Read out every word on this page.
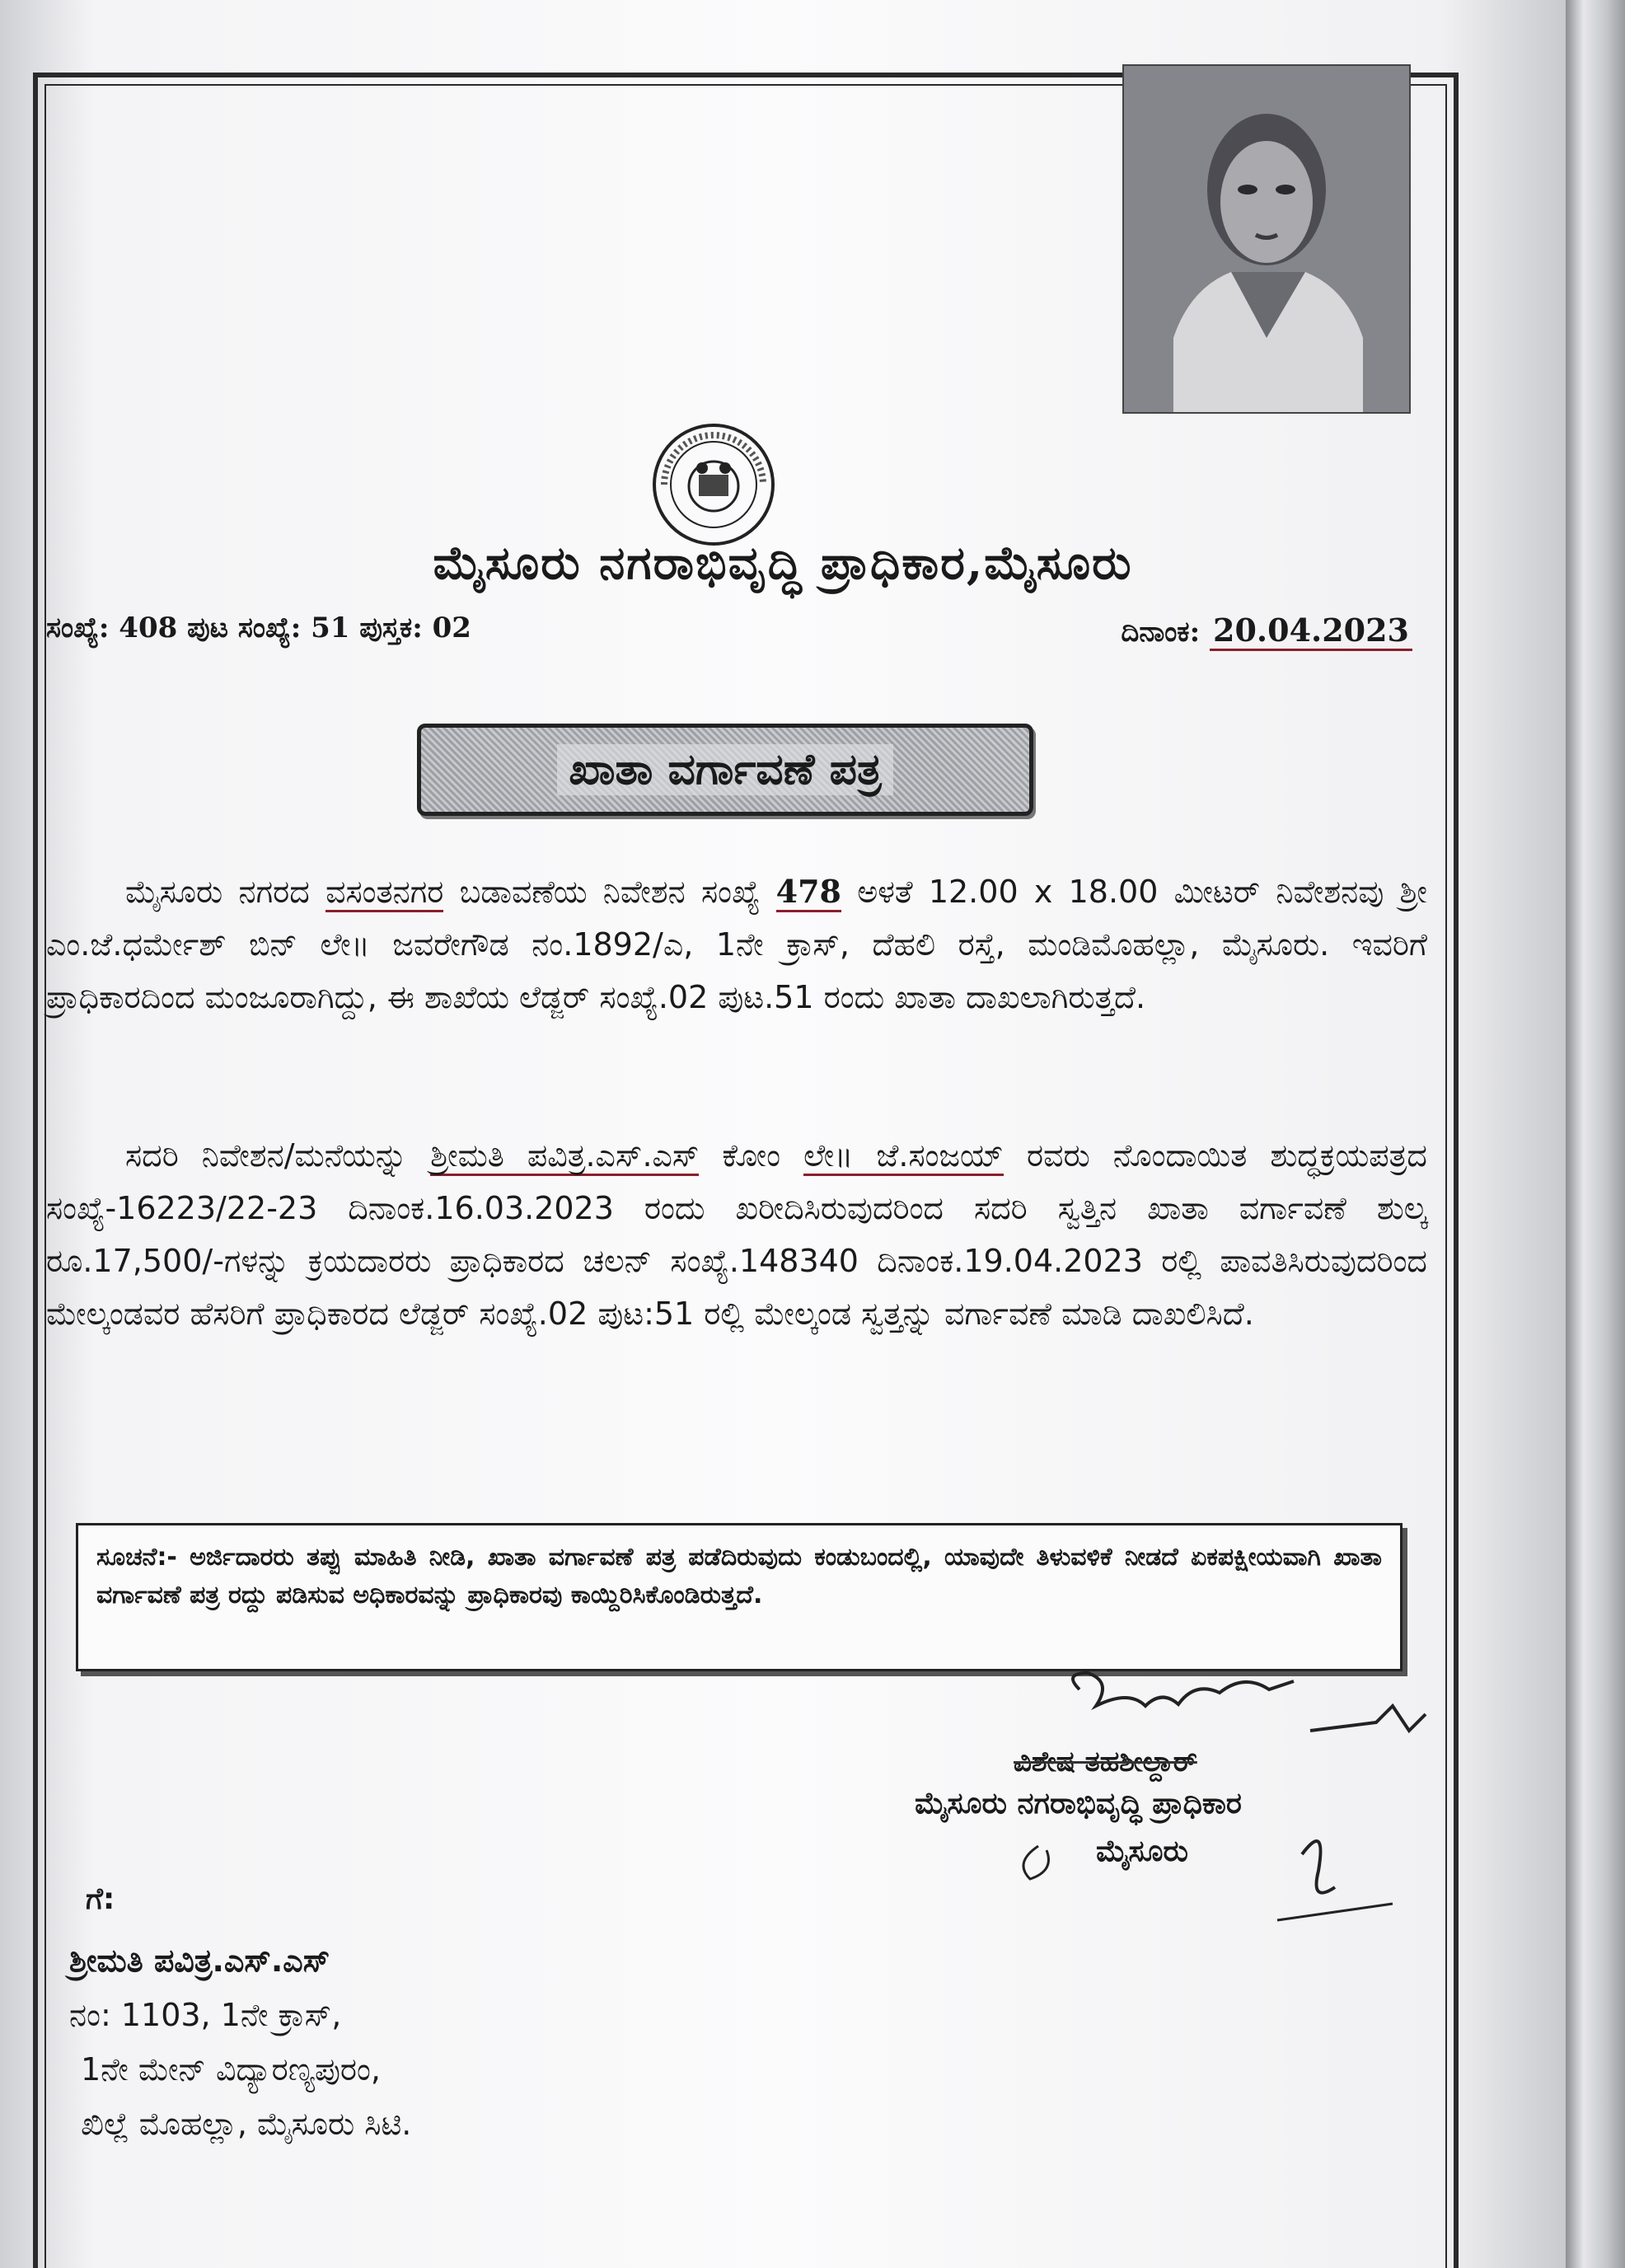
ಮೈಸೂರು ನಗರಾಭಿವೃದ್ಧಿ ಪ್ರಾಧಿಕಾರ,ಮೈಸೂರು
ಸಂಖ್ಯೆ: 408 ಪುಟ ಸಂಖ್ಯೆ: 51 ಪುಸ್ತಕ: 02	ದಿನಾಂಕ: 20.04.2023
ಖಾತಾ ವರ್ಗಾವಣೆ ಪತ್ರ
ಮೈಸೂರು ನಗರದ ವಸಂತನಗರ ಬಡಾವಣೆಯ ನಿವೇಶನ ಸಂಖ್ಯೆ 478 ಅಳತೆ 12.00 x 18.00 ಮೀಟರ್ ನಿವೇಶನವು ಶ್ರೀ ಎಂ.ಜೆ.ಧರ್ಮೇಶ್ ಬಿನ್ ಲೇ॥ ಜವರೇಗೌಡ ನಂ.1892/ಎ, 1ನೇ ಕ್ರಾಸ್, ದೆಹಲಿ ರಸ್ತೆ, ಮಂಡಿಮೊಹಲ್ಲಾ, ಮೈಸೂರು. ಇವರಿಗೆ ಪ್ರಾಧಿಕಾರದಿಂದ ಮಂಜೂರಾಗಿದ್ದು, ಈ ಶಾಖೆಯ ಲೆಡ್ಜರ್ ಸಂಖ್ಯೆ.02 ಪುಟ.51 ರಂದು ಖಾತಾ ದಾಖಲಾಗಿರುತ್ತದೆ.
ಸದರಿ ನಿವೇಶನ/ಮನೆಯನ್ನು ಶ್ರೀಮತಿ ಪವಿತ್ರ.ಎಸ್.ಎಸ್ ಕೋಂ ಲೇ॥ ಜೆ.ಸಂಜಯ್ ರವರು ನೊಂದಾಯಿತ ಶುದ್ಧಕ್ರಯಪತ್ರದ ಸಂಖ್ಯೆ-16223/22-23 ದಿನಾಂಕ.16.03.2023 ರಂದು ಖರೀದಿಸಿರುವುದರಿಂದ ಸದರಿ ಸ್ವತ್ತಿನ ಖಾತಾ ವರ್ಗಾವಣೆ ಶುಲ್ಕ ರೂ.17,500/-ಗಳನ್ನು ಕ್ರಯದಾರರು ಪ್ರಾಧಿಕಾರದ ಚಲನ್ ಸಂಖ್ಯೆ.148340 ದಿನಾಂಕ.19.04.2023 ರಲ್ಲಿ ಪಾವತಿಸಿರುವುದರಿಂದ ಮೇಲ್ಕಂಡವರ ಹೆಸರಿಗೆ ಪ್ರಾಧಿಕಾರದ ಲೆಡ್ಜರ್ ಸಂಖ್ಯೆ.02 ಪುಟ:51 ರಲ್ಲಿ ಮೇಲ್ಕಂಡ ಸ್ವತ್ತನ್ನು ವರ್ಗಾವಣೆ ಮಾಡಿ ದಾಖಲಿಸಿದೆ.
ಸೂಚನೆ:- ಅರ್ಜಿದಾರರು ತಪ್ಪು ಮಾಹಿತಿ ನೀಡಿ, ಖಾತಾ ವರ್ಗಾವಣೆ ಪತ್ರ ಪಡೆದಿರುವುದು ಕಂಡುಬಂದಲ್ಲಿ, ಯಾವುದೇ ತಿಳುವಳಿಕೆ ನೀಡದೆ ಏಕಪಕ್ಷೀಯವಾಗಿ ಖಾತಾ ವರ್ಗಾವಣೆ ಪತ್ರ ರದ್ದು ಪಡಿಸುವ ಅಧಿಕಾರವನ್ನು ಪ್ರಾಧಿಕಾರವು ಕಾಯ್ದಿರಿಸಿಕೊಂಡಿರುತ್ತದೆ.
ವಿಶೇಷ ತಹಶೀಲ್ದಾರ್
ಮೈಸೂರು ನಗರಾಭಿವೃದ್ಧಿ ಪ್ರಾಧಿಕಾರ
ಮೈಸೂರು
ಗೆ:
ಶ್ರೀಮತಿ ಪವಿತ್ರ.ಎಸ್.ಎಸ್
ನಂ: 1103, 1ನೇ ಕ್ರಾಸ್,
1ನೇ ಮೇನ್ ವಿದ್ಯಾರಣ್ಯಪುರಂ,
ಖಿಲ್ಲೆ ಮೊಹಲ್ಲಾ, ಮೈಸೂರು ಸಿಟಿ.
